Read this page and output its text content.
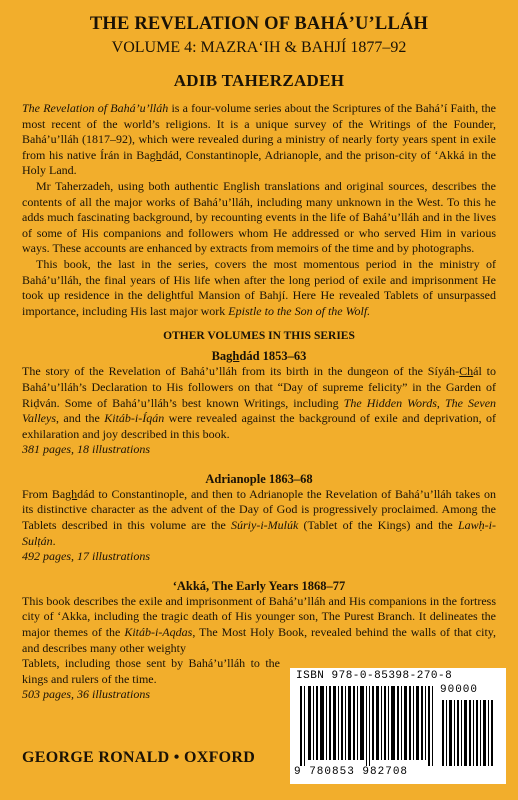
THE REVELATION OF BAHÁ’U’LLÁH
VOLUME 4: MAZRA‘IH & BAHJÍ 1877–92
ADIB TAHERZADEH

The Revelation of Bahá’u’lláh is a four-volume series about the Scriptures of the Bahá’í Faith, the most recent of the world’s religions. It is a unique survey of the Writings of the Founder, Bahá’u’lláh (1817–92), which were revealed during a ministry of nearly forty years spent in exile from his native Írán in Baghdád, Constantinople, Adrianople, and the prison-city of ‘Akká in the Holy Land.

Mr Taherzadeh, using both authentic English translations and original sources, describes the contents of all the major works of Bahá’u’lláh, including many unknown in the West. To this he adds much fascinating background, by recounting events in the life of Bahá’u’lláh and in the lives of some of His companions and followers whom He addressed or who served Him in various ways. These accounts are enhanced by extracts from memoirs of the time and by photographs.

This book, the last in the series, covers the most momentous period in the ministry of Bahá’u’lláh, the final years of His life when after the long period of exile and imprisonment He took up residence in the delightful Mansion of Bahjí. Here He revealed Tablets of unsurpassed importance, including His last major work Epistle to the Son of the Wolf.

OTHER VOLUMES IN THIS SERIES
Baghdád 1853–63

The story of the Revelation of Bahá’u’lláh from its birth in the dungeon of the Síyáh-Chál to Bahá’u’lláh’s Declaration to His followers on that “Day of supreme felicity” in the Garden of Riḍván. Some of Bahá’u’lláh’s best known Writings, including The Hidden Words, The Seven Valleys, and the Kitáb-i-Íqán were revealed against the background of exile and deprivation, of exhilaration and joy described in this book.

381 pages, 18 illustrations
Adrianople 1863–68

From Baghdád to Constantinople, and then to Adrianople the Revelation of Bahá’u’lláh takes on its distinctive character as the advent of the Day of God is progressively proclaimed. Among the Tablets described in this volume are the Súriy-i-Mulúk (Tablet of the Kings) and the Lawḥ-i-Sulṭán.

492 pages, 17 illustrations
‘Akká, The Early Years 1868–77

This book describes the exile and imprisonment of Bahá’u’lláh and His companions in the fortress city of ‘Akka, including the tragic death of His younger son, The Purest Branch. It delineates the major themes of the Kitáb-i-Aqdas, The Most Holy Book, revealed behind the walls of that city, and describes many other weighty

Tablets, including those sent by Bahá’u’lláh to the kings and rulers of the time.

503 pages, 36 illustrations
GEORGE RONALD • OXFORD
ISBN 978-0-85398-270-8
90000
9 780853 982708
